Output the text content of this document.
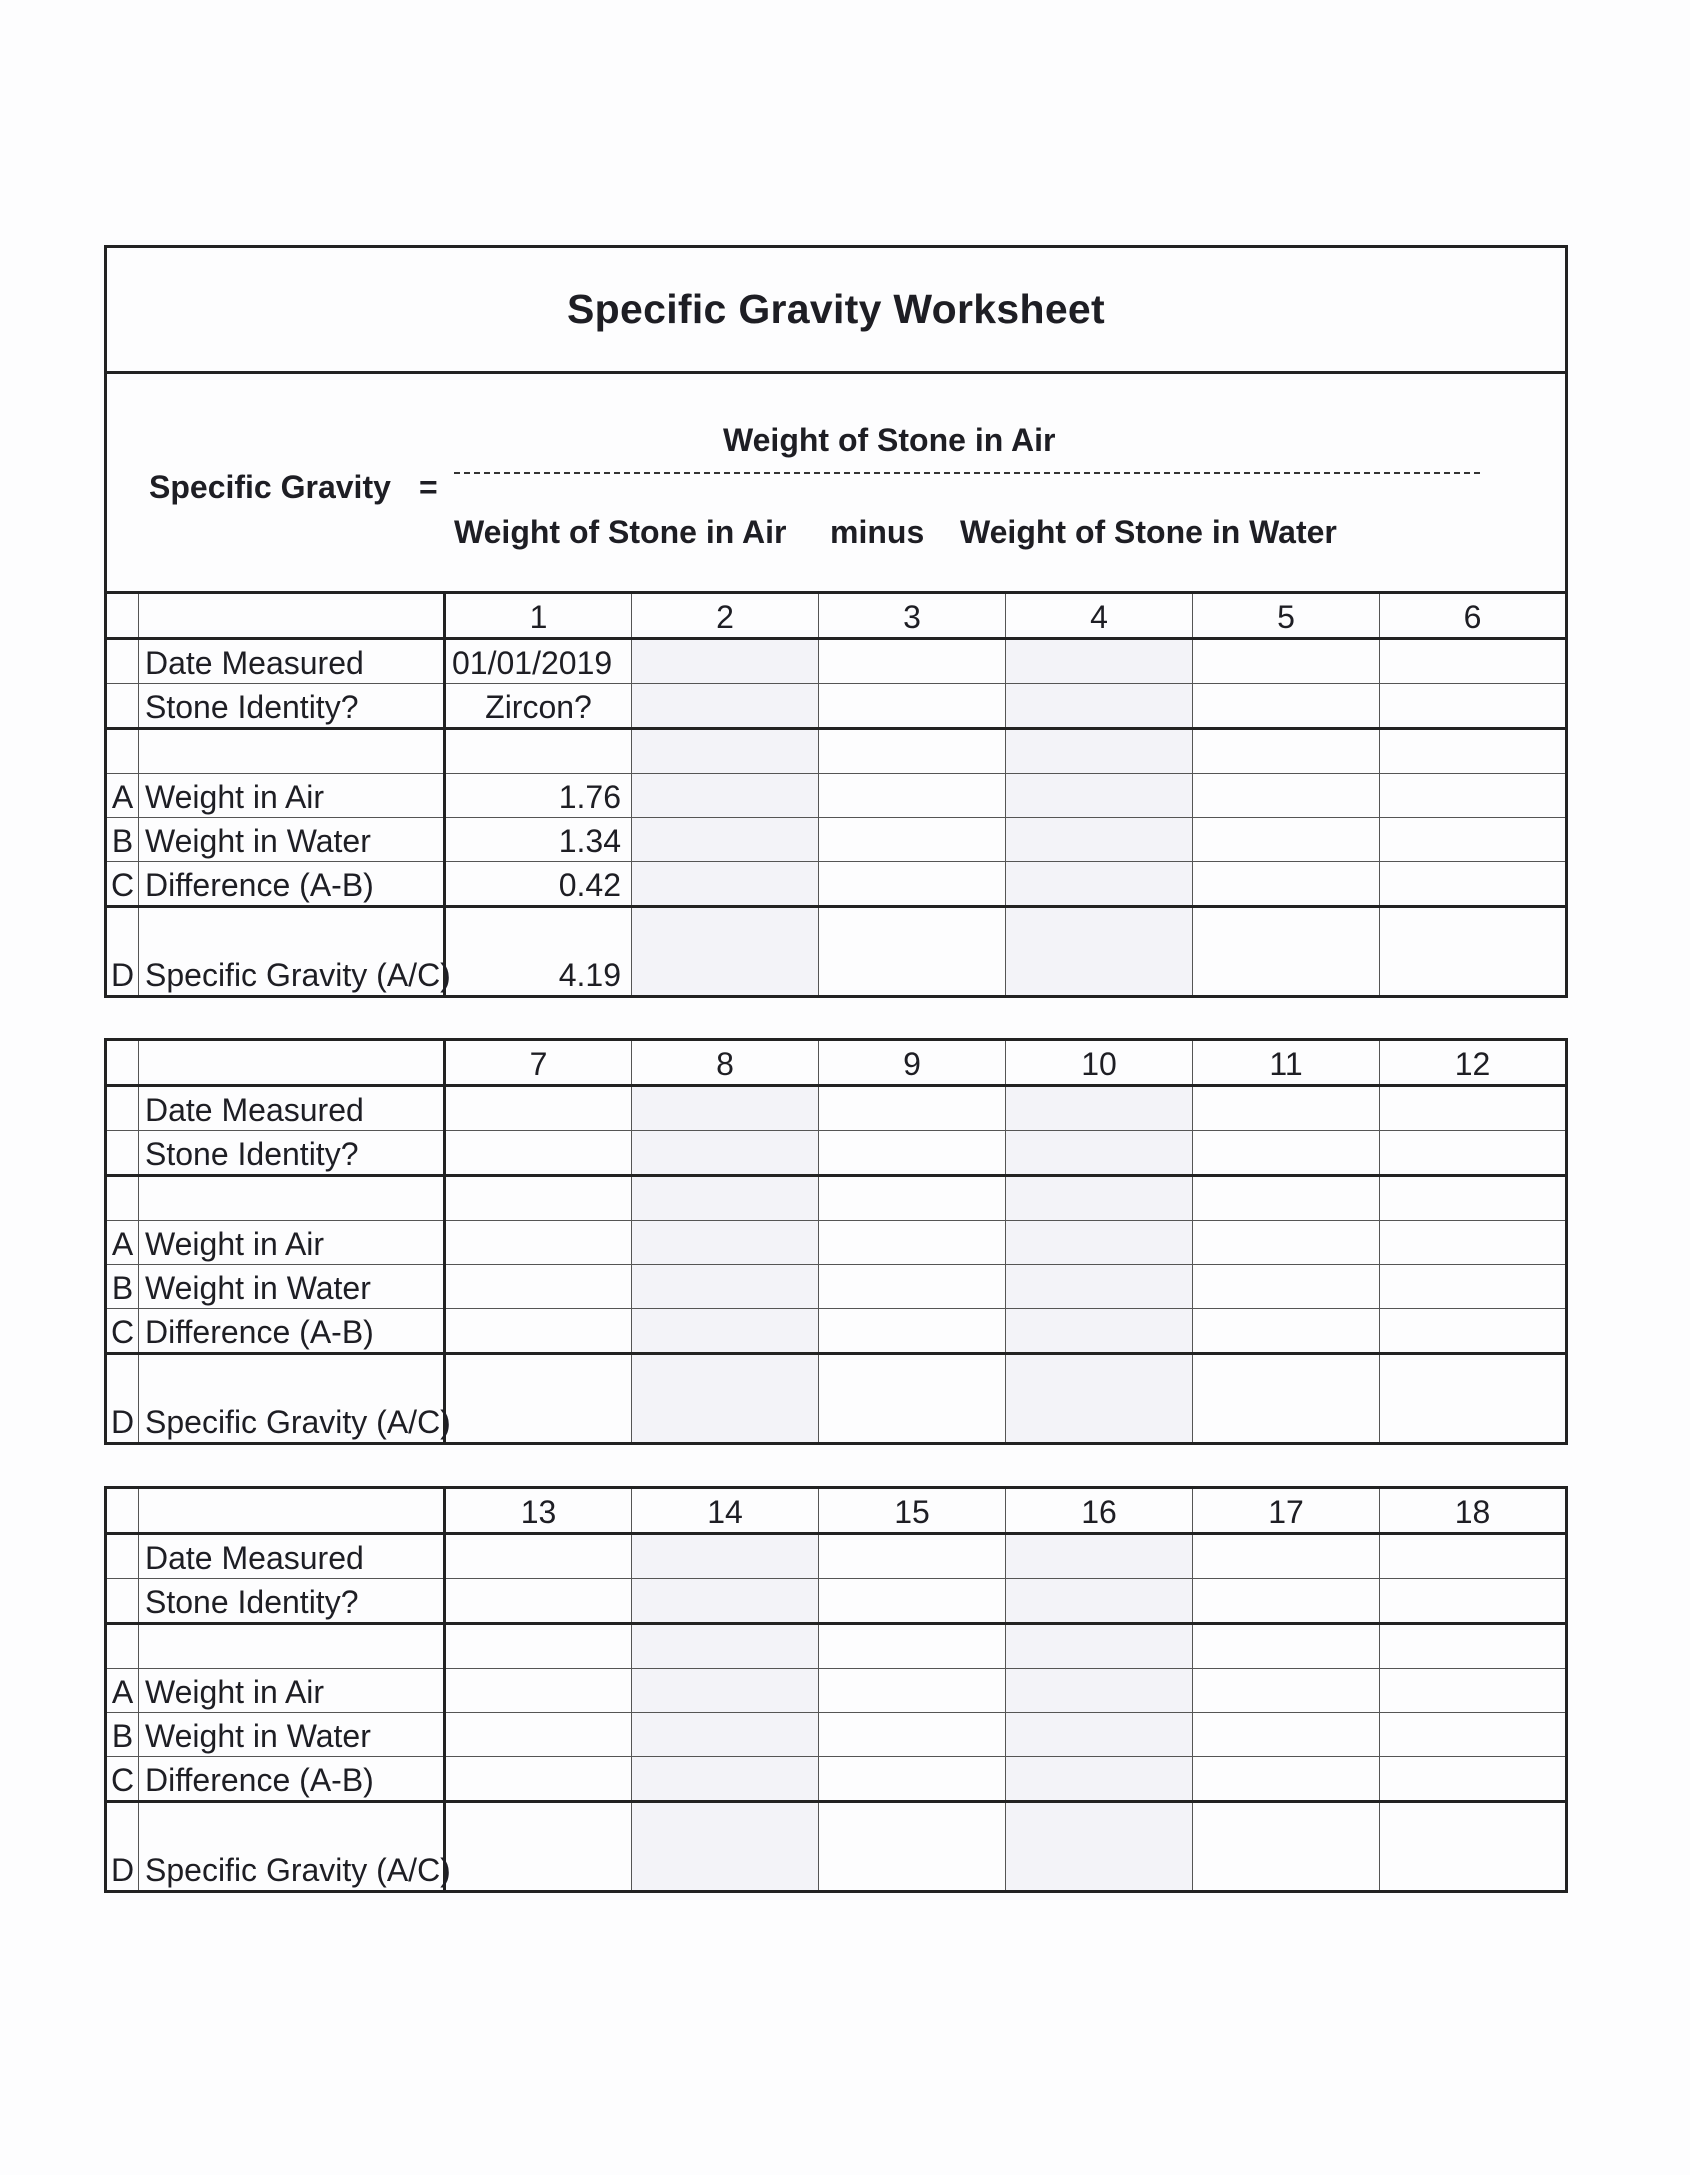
Specific Gravity Worksheet
Specific Gravity =
Weight of Stone in Air
Weight of Stone in Air minus Weight of Stone in Water
		1	2	3	4	5	6
	Date Measured	01/01/2019					
	Stone Identity?	Zircon?					

A	Weight in Air	1.76					
B	Weight in Water	1.34					
C	Difference (A-B)	0.42					
D	Specific Gravity (A/C)	4.19					
		7	8	9	10	11	12
	Date Measured						
	Stone Identity?						

A	Weight in Air						
B	Weight in Water						
C	Difference (A-B)						
D	Specific Gravity (A/C)						
		13	14	15	16	17	18
	Date Measured						
	Stone Identity?						

A	Weight in Air						
B	Weight in Water						
C	Difference (A-B)						
D	Specific Gravity (A/C)						
